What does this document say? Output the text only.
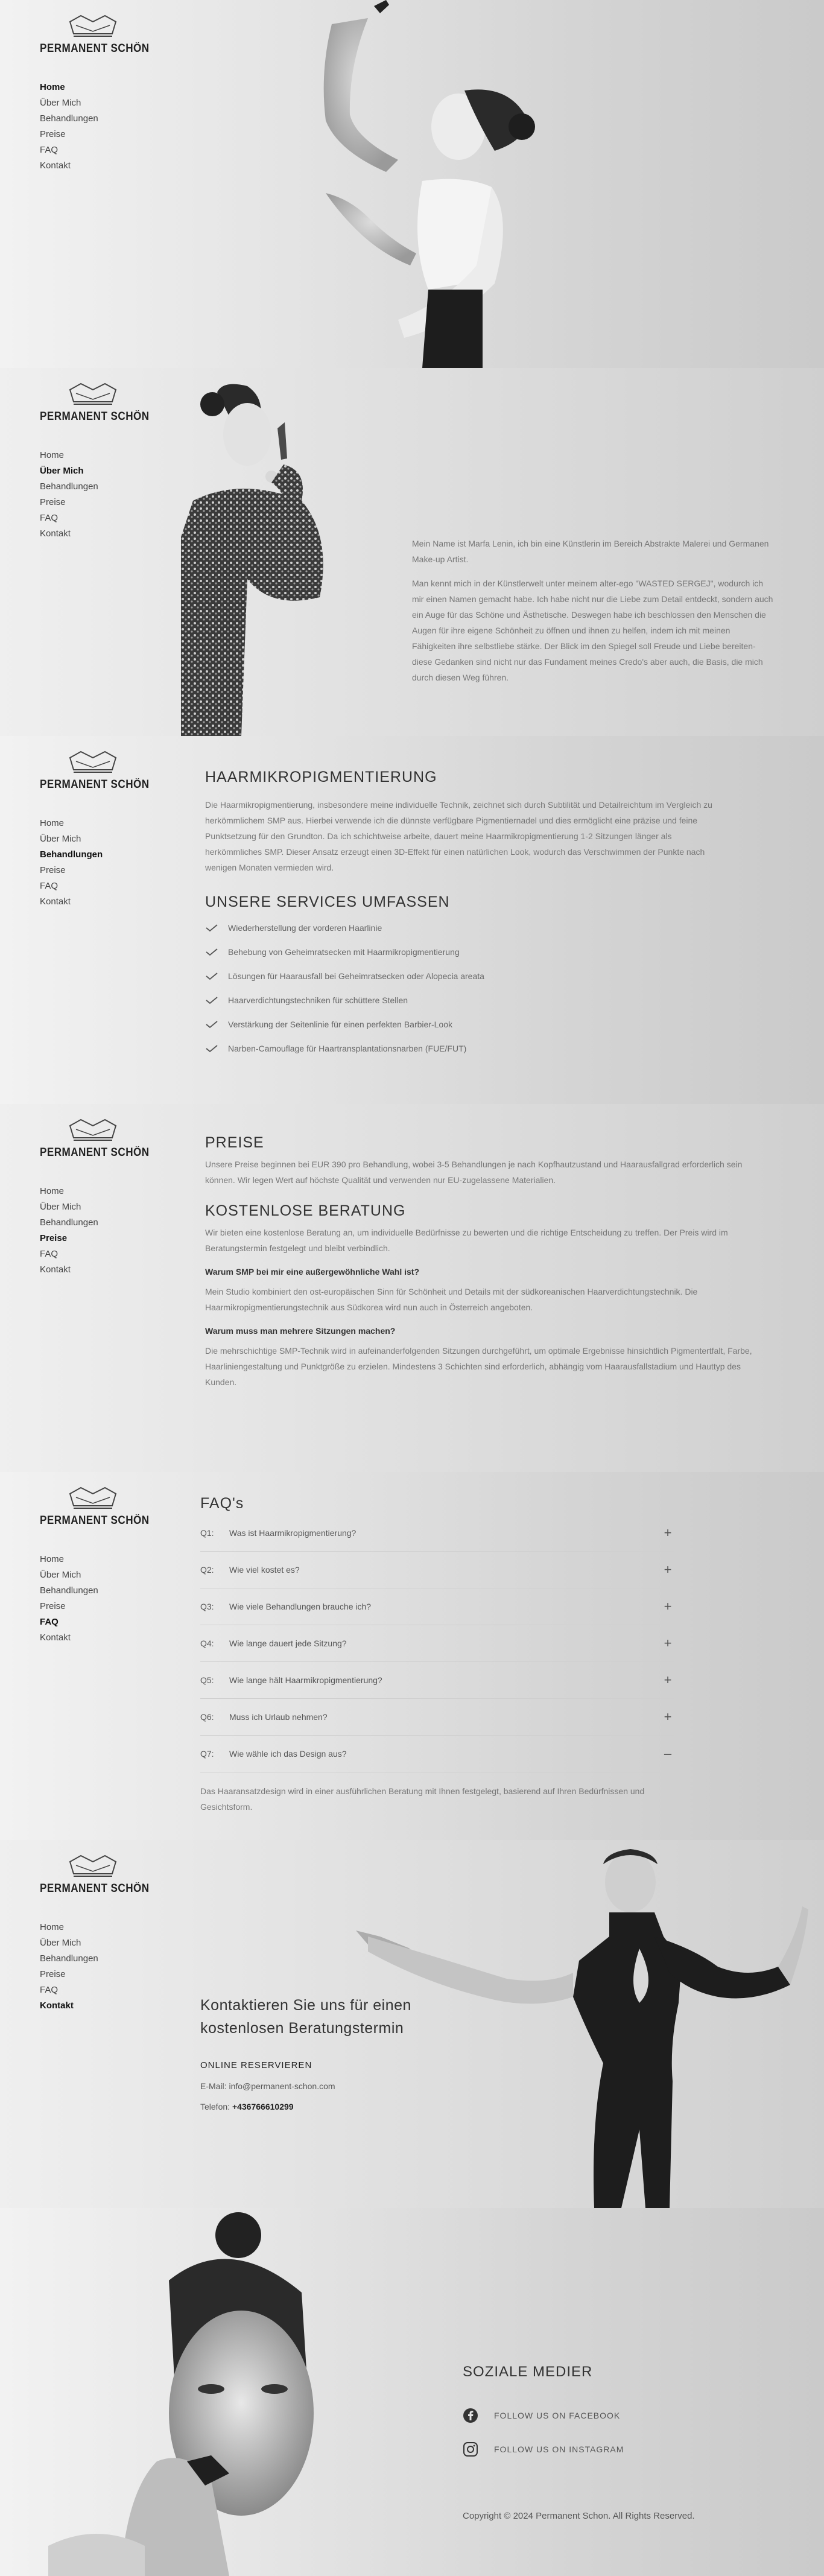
PERMANENT SCHÖN
Home
Über Mich
Behandlungen
Preise
FAQ
Kontakt
PERMANENT SCHÖN
Home
Über Mich
Behandlungen
Preise
FAQ
Kontakt

Mein Name ist Marfa Lenin, ich bin eine Künstlerin im Bereich Abstrakte Malerei und Germanen Make-up Artist.

Man kennt mich in der Künstlerwelt unter meinem alter-ego "WASTED SERGEJ", wodurch ich mir einen Namen gemacht habe. Ich habe nicht nur die Liebe zum Detail entdeckt, sondern auch ein Auge für das Schöne und Ästhetische. Deswegen habe ich beschlossen den Menschen die Augen für ihre eigene Schönheit zu öffnen und ihnen zu helfen, indem ich mit meinen Fähigkeiten ihre selbstliebe stärke. Der Blick im den Spiegel soll Freude und Liebe bereiten- diese Gedanken sind nicht nur das Fundament meines Credo's aber auch, die Basis, die mich durch diesen Weg führen.

PERMANENT SCHÖN
Home
Über Mich
Behandlungen
Preise
FAQ
Kontakt
HAARMIKROPIGMENTIERUNG

Die Haarmikropigmentierung, insbesondere meine individuelle Technik, zeichnet sich durch Subtilität und Detailreichtum im Vergleich zu herkömmlichem SMP aus. Hierbei verwende ich die dünnste verfügbare Pigmentiernadel und dies ermöglicht eine präzise und feine Punktsetzung für den Grundton. Da ich schichtweise arbeite, dauert meine Haarmikropigmentierung 1-2 Sitzungen länger als herkömmliches SMP. Dieser Ansatz erzeugt einen 3D-Effekt für einen natürlichen Look, wodurch das Verschwimmen der Punkte nach wenigen Monaten vermieden wird.

UNSERE SERVICES UMFASSEN
Wiederherstellung der vorderen Haarlinie
Behebung von Geheimratsecken mit Haarmikropigmentierung
Lösungen für Haarausfall bei Geheimratsecken oder Alopecia areata
Haarverdichtungstechniken für schüttere Stellen
Verstärkung der Seitenlinie für einen perfekten Barbier-Look
Narben-Camouflage für Haartransplantationsnarben (FUE/FUT)
PERMANENT SCHÖN
Home
Über Mich
Behandlungen
Preise
FAQ
Kontakt
PREISE

Unsere Preise beginnen bei EUR 390 pro Behandlung, wobei 3-5 Behandlungen je nach Kopfhautzustand und Haarausfallgrad erforderlich sein können. Wir legen Wert auf höchste Qualität und verwenden nur EU-zugelassene Materialien.

KOSTENLOSE BERATUNG

Wir bieten eine kostenlose Beratung an, um individuelle Bedürfnisse zu bewerten und die richtige Entscheidung zu treffen. Der Preis wird im Beratungstermin festgelegt und bleibt verbindlich.

Warum SMP bei mir eine außergewöhnliche Wahl ist?

Mein Studio kombiniert den ost-europäischen Sinn für Schönheit und Details mit der südkoreanischen Haarverdichtungstechnik. Die Haarmikropigmentierungstechnik aus Südkorea wird nun auch in Österreich angeboten.

Warum muss man mehrere Sitzungen machen?

Die mehrschichtige SMP-Technik wird in aufeinanderfolgenden Sitzungen durchgeführt, um optimale Ergebnisse hinsichtlich Pigmentertfalt, Farbe, Haarliniengestaltung und Punktgröße zu erzielen. Mindestens 3 Schichten sind erforderlich, abhängig vom Haarausfallstadium und Hauttyp des Kunden.

PERMANENT SCHÖN
Home
Über Mich
Behandlungen
Preise
FAQ
Kontakt
FAQ's
Q1:	Was ist Haarmikropigmentierung?	+
Q2:	Wie viel kostet es?	+
Q3:	Wie viele Behandlungen brauche ich?	+
Q4:	Wie lange dauert jede Sitzung?	+
Q5:	Wie lange hält Haarmikropigmentierung?	+
Q6:	Muss ich Urlaub nehmen?	+
Q7:	Wie wähle ich das Design aus?	–

Das Haaransatzdesign wird in einer ausführlichen Beratung mit Ihnen festgelegt, basierend auf Ihren Bedürfnissen und Gesichtsform.

PERMANENT SCHÖN
Home
Über Mich
Behandlungen
Preise
FAQ
Kontakt	Kontaktieren Sie uns für einen kostenlosen Beratungstermin
ONLINE RESERVIEREN
E-Mail: info@permanent-schon.com
Telefon: +436766610299
SOZIALE MEDIER
FOLLOW US ON FACEBOOK
FOLLOW US ON INSTAGRAM
Copyright © 2024 Permanent Schon. All Rights Reserved.
